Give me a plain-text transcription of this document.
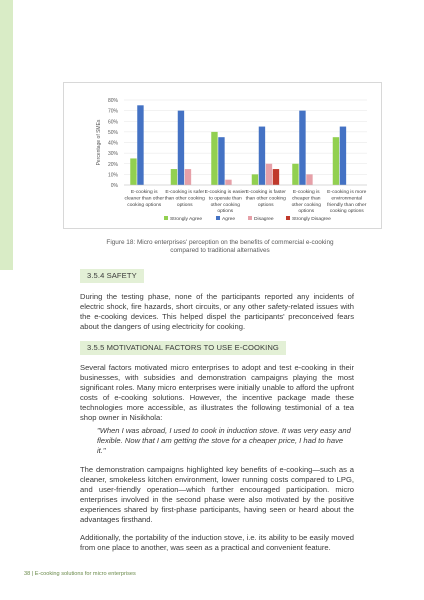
0%
10%
20%
30%
40%
50%
60%
70%
80%
Percentage of SMEs
E-cooking is
cleaner than other
cooking options
E-cooking is safer
than other cooking
options
E-cooking is easier
to operate than
other cooking
options
E-cooking is faster
than other cooking
options
E-cooking is
cheaper than
other cooking
options
E-cooking is more
environmental
friendly than other
cooking options
Strongly Agree	Agree	Disagree	Strongly Disagree
Figure 18: Micro enterprises' perception on the benefits of commercial e-cooking
compared to traditional alternatives
3.5.4 SAFETY

During the testing phase, none of the participants reported any incidents of electric shock, fire hazards, short circuits, or any other safety-related issues with the e-cooking devices. This helped dispel the participants' preconceived fears about the dangers of using electricity for cooking.

3.5.5 MOTIVATIONAL FACTORS TO USE E-COOKING

Several factors motivated micro enterprises to adopt and test e-cooking in their businesses, with subsidies and demonstration campaigns playing the most significant roles. Many micro enterprises were initially unable to afford the upfront costs of e-cooking solutions. However, the incentive package made these technologies more accessible, as illustrates the following testimonial of a tea shop owner in Nisikhola:

"When I was abroad, I used to cook in induction stove. It was very easy and flexible. Now that I am getting the stove for a cheaper price, I had to have it."

The demonstration campaigns highlighted key benefits of e-cooking—such as a cleaner, smokeless kitchen environment, lower running costs compared to LPG, and user-friendly operation—which further encouraged participation. micro enterprises involved in the second phase were also motivated by the positive experiences shared by first-phase participants, having seen or heard about the advantages firsthand.

Additionally, the portability of the induction stove, i.e. its ability to be easily moved from one place to another, was seen as a practical and convenient feature.

38 | E-cooking solutions for micro enterprises
